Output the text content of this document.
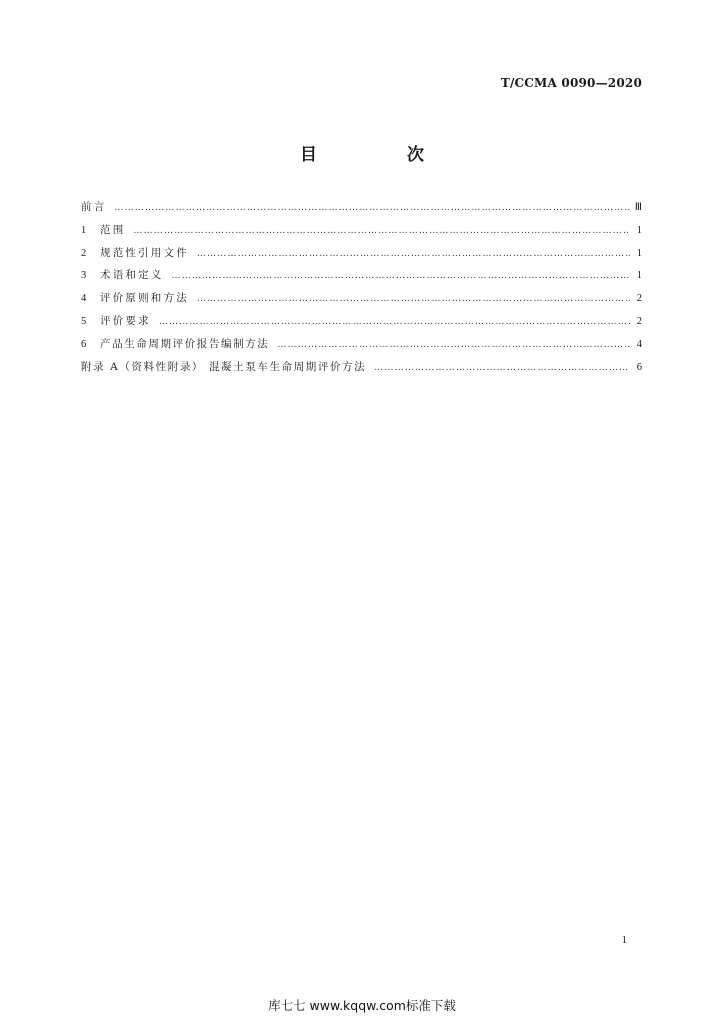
T/CCMA 0090—2020
目 次
前言 ………………………………………………………………………………………………………………………………………………………………………………………………	Ⅲ
1	范围 ………………………………………………………………………………………………………………………………………………………………………………………………	1
2	规范性引用文件 ………………………………………………………………………………………………………………………………………………………………………………………………	1
3	术语和定义 ………………………………………………………………………………………………………………………………………………………………………………………………	1
4	评价原则和方法 ………………………………………………………………………………………………………………………………………………………………………………………………	2
5	评价要求 ………………………………………………………………………………………………………………………………………………………………………………………………	2
6	产品生命周期评价报告编制方法 ………………………………………………………………………………………………………………………………………………………………………………………………	4
附录 A（资料性附录） 混凝土泵车生命周期评价方法 ………………………………………………………………………………………………………………………………………………………………………………………………	6
1
库七七 www.kqqw.com标准下载
